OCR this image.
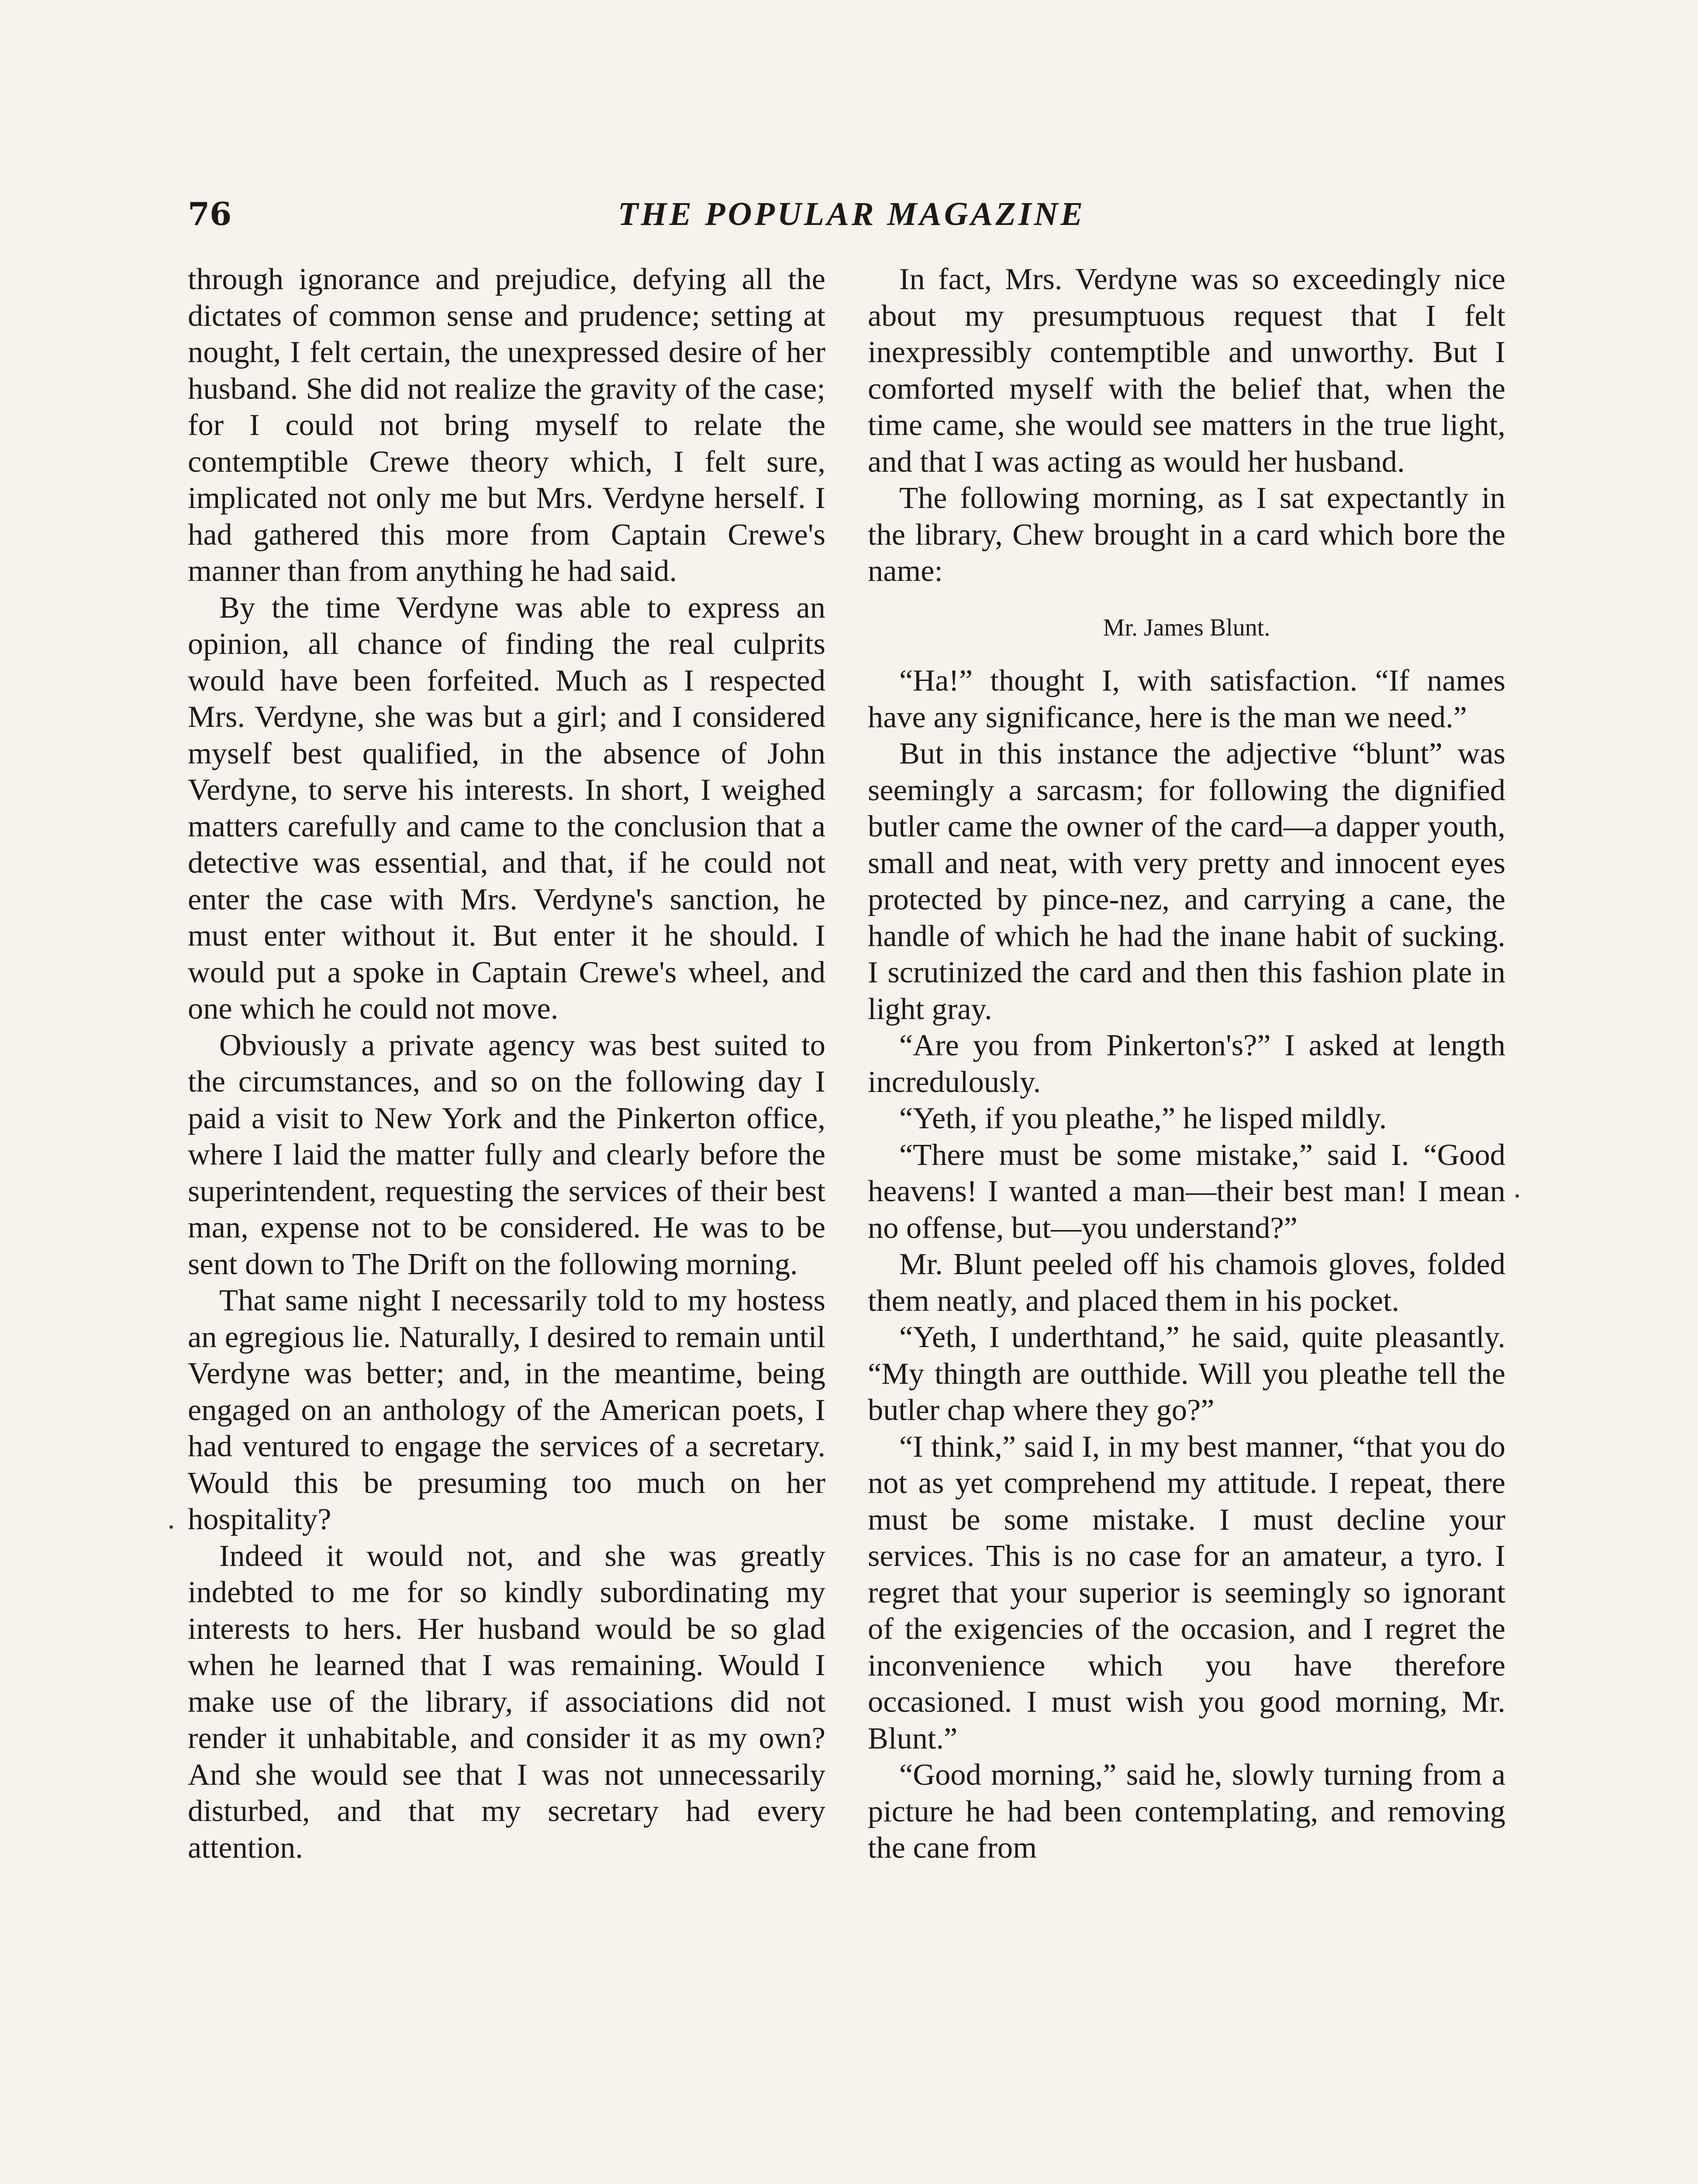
76	THE POPULAR MAGAZINE

through ignorance and prejudice, defying all the dictates of common sense and prudence; setting at nought, I felt certain, the unexpressed desire of her husband. She did not realize the gravity of the case; for I could not bring myself to relate the contemptible Crewe theory which, I felt sure, implicated not only me but Mrs. Verdyne herself. I had gathered this more from Captain Crewe's manner than from anything he had said.

By the time Verdyne was able to express an opinion, all chance of finding the real culprits would have been forfeited. Much as I respected Mrs. Verdyne, she was but a girl; and I considered myself best qualified, in the absence of John Verdyne, to serve his interests. In short, I weighed matters carefully and came to the conclusion that a detective was essential, and that, if he could not enter the case with Mrs. Verdyne's sanction, he must enter without it. But enter it he should. I would put a spoke in Captain Crewe's wheel, and one which he could not move.

Obviously a private agency was best suited to the circumstances, and so on the following day I paid a visit to New York and the Pinkerton office, where I laid the matter fully and clearly before the superintendent, requesting the services of their best man, expense not to be considered. He was to be sent down to The Drift on the following morning.

That same night I necessarily told to my hostess an egregious lie. Naturally, I desired to remain until Verdyne was better; and, in the meantime, being engaged on an anthology of the American poets, I had ventured to engage the services of a secretary. Would this be presuming too much on her hospitality?

Indeed it would not, and she was greatly indebted to me for so kindly subordinating my interests to hers. Her husband would be so glad when he learned that I was remaining. Would I make use of the library, if associations did not render it unhabitable, and consider it as my own? And she would see that I was not unnecessarily disturbed, and that my secretary had every attention.

In fact, Mrs. Verdyne was so exceedingly nice about my presumptuous request that I felt inexpressibly contemptible and unworthy. But I comforted myself with the belief that, when the time came, she would see matters in the true light, and that I was acting as would her husband.

The following morning, as I sat expectantly in the library, Chew brought in a card which bore the name:

Mr. James Blunt.

“Ha!” thought I, with satisfaction. “If names have any significance, here is the man we need.”

But in this instance the adjective “blunt” was seemingly a sarcasm; for following the dignified butler came the owner of the card—a dapper youth, small and neat, with very pretty and innocent eyes protected by pince-nez, and carrying a cane, the handle of which he had the inane habit of sucking. I scrutinized the card and then this fashion plate in light gray.

“Are you from Pinkerton's?” I asked at length incredulously.

“Yeth, if you pleathe,” he lisped mildly.

“There must be some mistake,” said I. “Good heavens! I wanted a man—their best man! I mean no offense, but—you understand?”

Mr. Blunt peeled off his chamois gloves, folded them neatly, and placed them in his pocket.

“Yeth, I underthtand,” he said, quite pleasantly. “My thingth are outthide. Will you pleathe tell the butler chap where they go?”

“I think,” said I, in my best manner, “that you do not as yet comprehend my attitude. I repeat, there must be some mistake. I must decline your services. This is no case for an amateur, a tyro. I regret that your superior is seemingly so ignorant of the exigencies of the occasion, and I regret the inconvenience which you have therefore occasioned. I must wish you good morning, Mr. Blunt.”

“Good morning,” said he, slowly turning from a picture he had been contemplating, and removing the cane from
